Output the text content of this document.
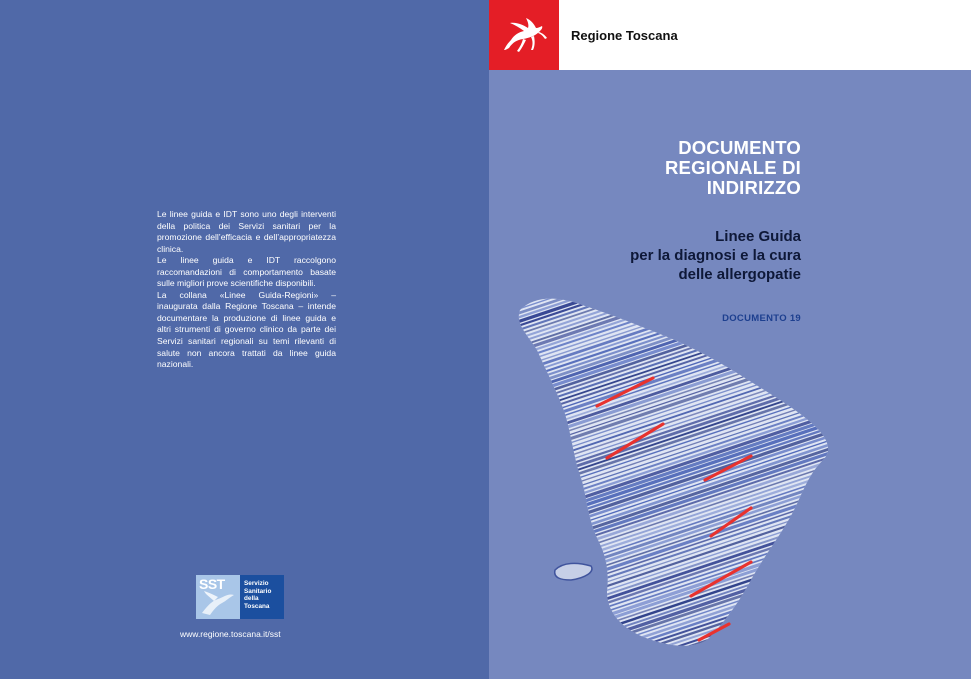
Le linee guida e IDT sono uno degli interventi della politica dei Servizi sanitari per la promozione dell’efficacia e dell’appropriatezza clinica.

Le linee guida e IDT raccolgono raccomandazioni di comportamento basate sulle migliori prove scientifiche disponibili.

La collana «Linee Guida-Regioni» – inaugurata dalla Regione Toscana – intende documentare la produzione di linee guida e altri strumenti di governo clinico da parte dei Servizi sanitari regionali su temi rilevanti di salute non ancora trattati da linee guida nazionali.

SST	Servizio
Sanitario
della
Toscana
www.regione.toscana.it/sst
Regione Toscana
DOCUMENTO
REGIONALE DI
INDIRIZZO
Linee Guida
per la diagnosi e la cura
delle allergopatie
DOCUMENTO 19
